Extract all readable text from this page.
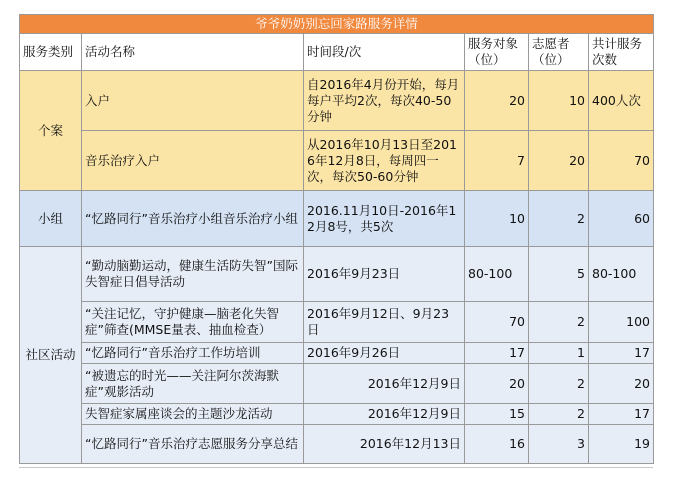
爷爷奶奶别忘回家路服务详情					
服务类别	活动名称	时间段/次	服务对象（位）	志愿者（位）	共计服务次数
个案	入户	自2016年4月份开始，每月每户平均2次，每次40-50分钟	20	10	400人次
	音乐治疗入户	从2016年10月13日至2016年12月8日，每周四一次，每次50-60分钟	7	20	70
小组	“忆路同行”音乐治疗小组音乐治疗小组	2016.11月10日-2016年12月8号，共5次	10	2	60
社区活动	“勤动脑勤运动，健康生活防失智”国际失智症日倡导活动	2016年9月23日	80-100	5	80-100
	“关注记忆，守护健康—脑老化失智症”筛查(MMSE量表、抽血检查）	2016年9月12日、9月23日	70	2	100
	“忆路同行”音乐治疗工作坊培训	2016年9月26日	17	1	17
	“被遗忘的时光——关注阿尔茨海默症”观影活动	2016年12月9日	20	2	20
	失智症家属座谈会的主题沙龙活动	2016年12月9日	15	2	17
	“忆路同行”音乐治疗志愿服务分享总结	2016年12月13日	16	3	19
